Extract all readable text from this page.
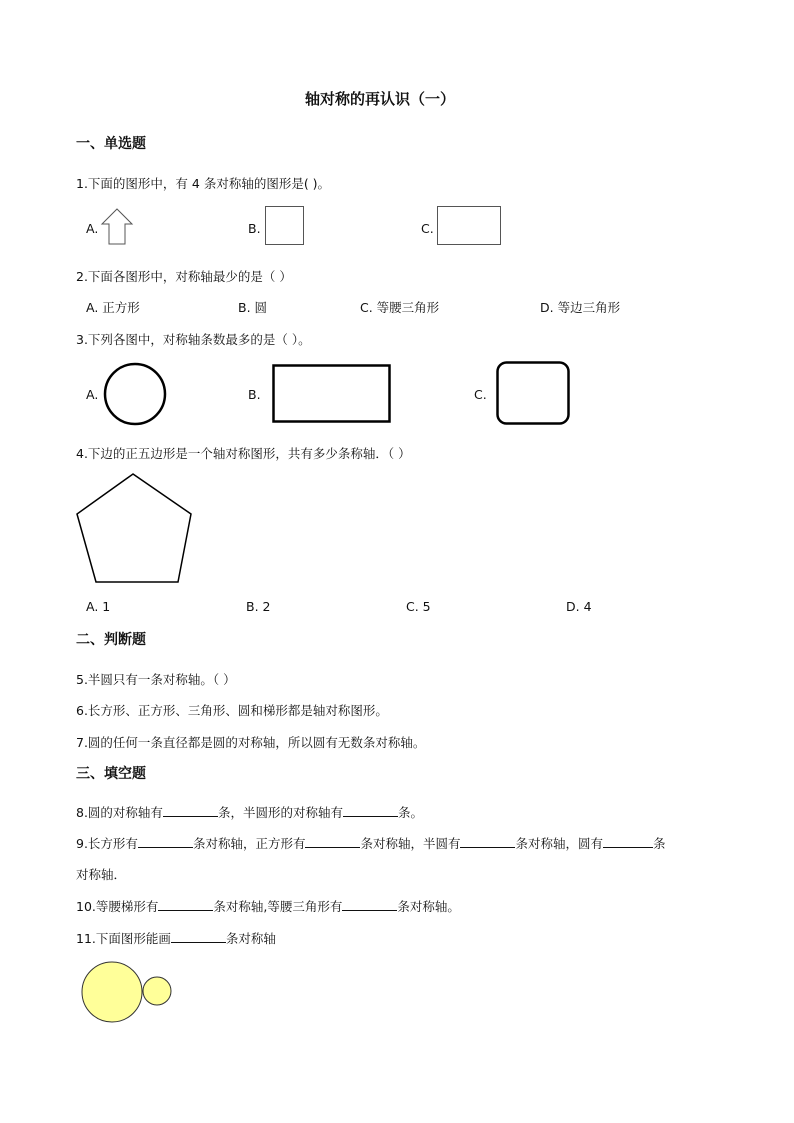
轴对称的再认识（一）
一、单选题
1.下面的图形中，有 4 条对称轴的图形是( )。
A.	B.	C.
2.下面各图形中，对称轴最少的是（ ）
A. 正方形	B. 圆	C. 等腰三角形	D. 等边三角形
3.下列各图中，对称轴条数最多的是（ ）。
A.	B.	C.
4.下边的正五边形是一个轴对称图形，共有多少条称轴．（ ）
A. 1	B. 2	C. 5	D. 4
二、判断题
5.半圆只有一条对称轴。（ ）
6.长方形、正方形、三角形、圆和梯形都是轴对称图形。
7.圆的任何一条直径都是圆的对称轴，所以圆有无数条对称轴。
三、填空题
8.圆的对称轴有	条，半圆形的对称轴有	条。
9.长方形有	条对称轴，正方形有	条对称轴，半圆有	条对称轴，圆有	条
对称轴．
10.等腰梯形有	条对称轴,等腰三角形有	条对称轴。
11.下面图形能画	条对称轴
